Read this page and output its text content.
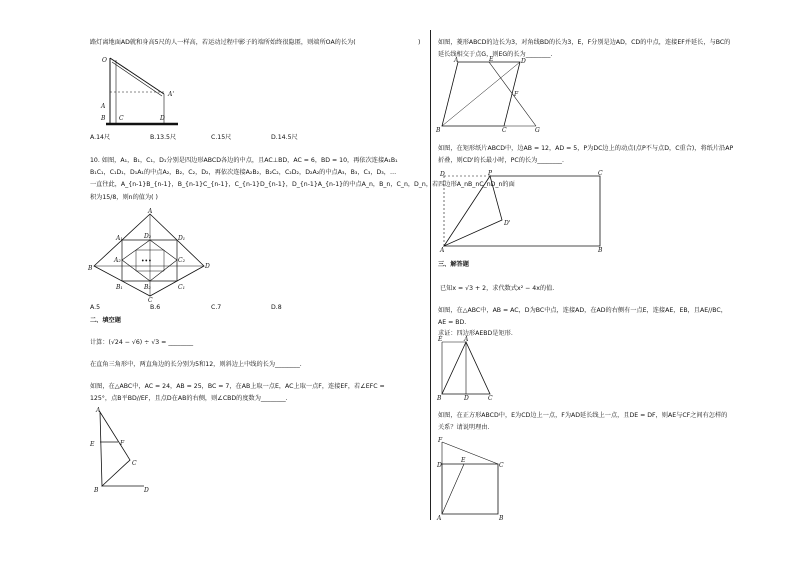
路灯离地面AD就和身高5尺的人一样高，若运动过程中影子的端所始终很隐匿，则端所OA的长为(	)
O
A
A'
B C	D
A.14尺	B.13.5尺	C.15尺	D.14.5尺
10. 如图，A₁，B₁，C₁，D₁分别是四边形ABCD各边的中点，且AC⊥BD，AC = 6，BD = 10，再依次连接A₁B₁
B₁C₁，C₁D₁，D₁A₁的中点A₂，B₂，C₂，D₂，再依次连接A₂B₂，B₂C₂，C₂D₂，D₂A₂的中点A₃，B₃，C₃，D₃，…
一直往此，A_{n-1}B_{n-1}，B_{n-1}C_{n-1}，C_{n-1}D_{n-1}，D_{n-1}A_{n-1}的中点A_n，B_n，C_n，D_n，若四边形A_nB_nC_nD_n的面
积为15/8，则n的值为( )
A
B
C
D
A₁
B₁	C₁
D₁
A₂
B₂
C₂
D₂
•••
A.5	B.6	C.7	D.8
二、填空题
计算：(√24 − √6) ÷ √3 = ________
在直角三角形中，两直角边的长分别为5和12，则斜边上中线的长为________.
如图，在△ABC中，AC = 24，AB = 25，BC = 7，在AB上取一点E，AC上取一点F，连接EF，若∠EFC =
125°，点B平BD//EF，且点D在AB的右侧，则∠CBD的度数为________.
A
E	F
C
B	D
如图，菱形ABCD的边长为3，对角线BD的长为3，E，F分别是边AD，CD的中点，连接EF并延长，与BC的
延长线相交于点G，则EG的长为________.
A	D
E
F
B	C	G
如图，在矩形纸片ABCD中，边AB = 12，AD = 5，P为DC边上的动点(点P不与点D，C重合)，将纸片沿AP
折叠，则CD'的长最小时，PC的长为________.
D	P	C
D'
A	B
三、解答题
已知x = √3 + 2，求代数式x² − 4x的值.
如图，在△ABC中，AB = AC，D为BC中点，连接AD，在AD的右侧有一点E，连接AE，EB，且AE//BC，
AE = BD.
求证：四边形AEBD是矩形.
A
E
B	D	C
如图，在正方形ABCD中，E为CD边上一点，F为AD延长线上一点，且DE = DF，则AE与CF之间有怎样的
关系？请说明理由.
F
D
E
C
A	B
